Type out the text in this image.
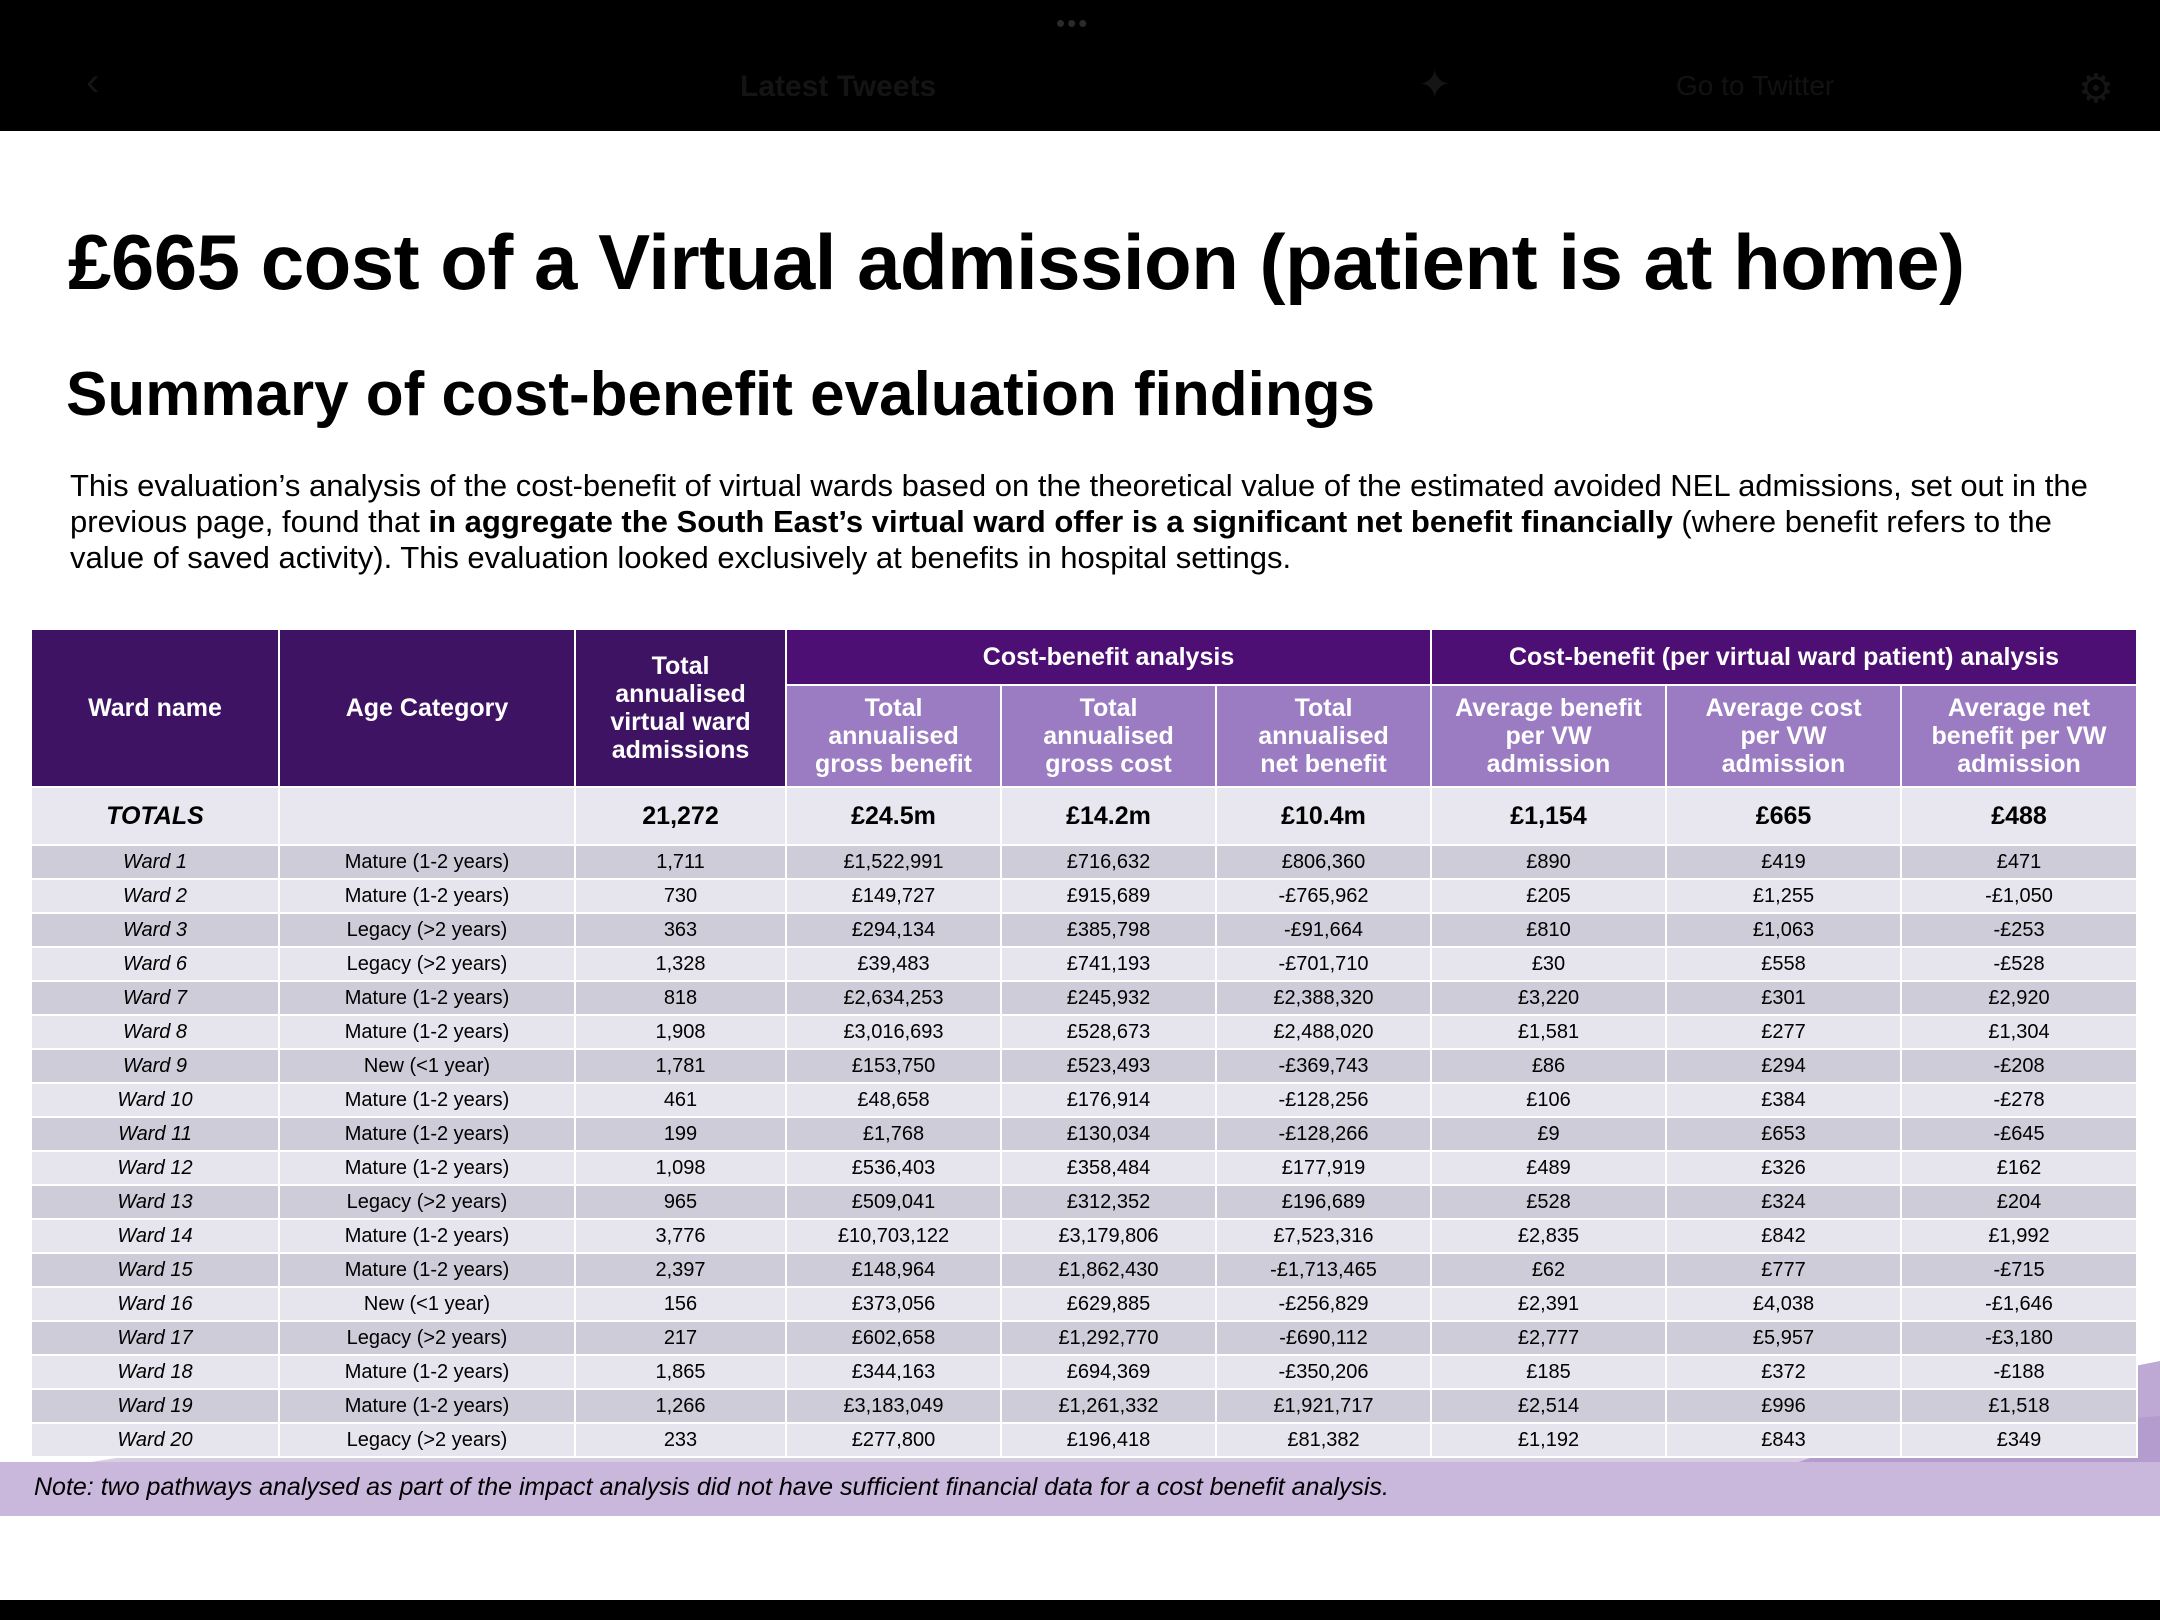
•••
‹	Latest Tweets	✦	Go to Twitter	⚙
£665 cost of a Virtual admission (patient is at home)
Summary of cost-benefit evaluation findings
This evaluation’s analysis of the cost-benefit of virtual wards based on the theoretical value of the estimated avoided NEL admissions, set out in the previous page, found that in aggregate the South East’s virtual ward offer is a significant net benefit financially (where benefit refers to the value of saved activity). This evaluation looked exclusively at benefits in hospital settings.
Ward name	Age Category	Total annualised virtual ward admissions	Cost-benefit analysis			Cost-benefit (per virtual ward patient) analysis		
			Total annualised gross benefit	Total annualised gross cost	Total annualised net benefit	Average benefit per VW admission	Average cost per VW admission	Average net benefit per VW admission
TOTALS		21,272	£24.5m	£14.2m	£10.4m	£1,154	£665	£488
Ward 1	Mature (1-2 years)	1,711	£1,522,991	£716,632	£806,360	£890	£419	£471
Ward 2	Mature (1-2 years)	730	£149,727	£915,689	-£765,962	£205	£1,255	-£1,050
Ward 3	Legacy (>2 years)	363	£294,134	£385,798	-£91,664	£810	£1,063	-£253
Ward 6	Legacy (>2 years)	1,328	£39,483	£741,193	-£701,710	£30	£558	-£528
Ward 7	Mature (1-2 years)	818	£2,634,253	£245,932	£2,388,320	£3,220	£301	£2,920
Ward 8	Mature (1-2 years)	1,908	£3,016,693	£528,673	£2,488,020	£1,581	£277	£1,304
Ward 9	New (<1 year)	1,781	£153,750	£523,493	-£369,743	£86	£294	-£208
Ward 10	Mature (1-2 years)	461	£48,658	£176,914	-£128,256	£106	£384	-£278
Ward 11	Mature (1-2 years)	199	£1,768	£130,034	-£128,266	£9	£653	-£645
Ward 12	Mature (1-2 years)	1,098	£536,403	£358,484	£177,919	£489	£326	£162
Ward 13	Legacy (>2 years)	965	£509,041	£312,352	£196,689	£528	£324	£204
Ward 14	Mature (1-2 years)	3,776	£10,703,122	£3,179,806	£7,523,316	£2,835	£842	£1,992
Ward 15	Mature (1-2 years)	2,397	£148,964	£1,862,430	-£1,713,465	£62	£777	-£715
Ward 16	New (<1 year)	156	£373,056	£629,885	-£256,829	£2,391	£4,038	-£1,646
Ward 17	Legacy (>2 years)	217	£602,658	£1,292,770	-£690,112	£2,777	£5,957	-£3,180
Ward 18	Mature (1-2 years)	1,865	£344,163	£694,369	-£350,206	£185	£372	-£188
Ward 19	Mature (1-2 years)	1,266	£3,183,049	£1,261,332	£1,921,717	£2,514	£996	£1,518
Ward 20	Legacy (>2 years)	233	£277,800	£196,418	£81,382	£1,192	£843	£349
Note: two pathways analysed as part of the impact analysis did not have sufficient financial data for a cost benefit analysis.
